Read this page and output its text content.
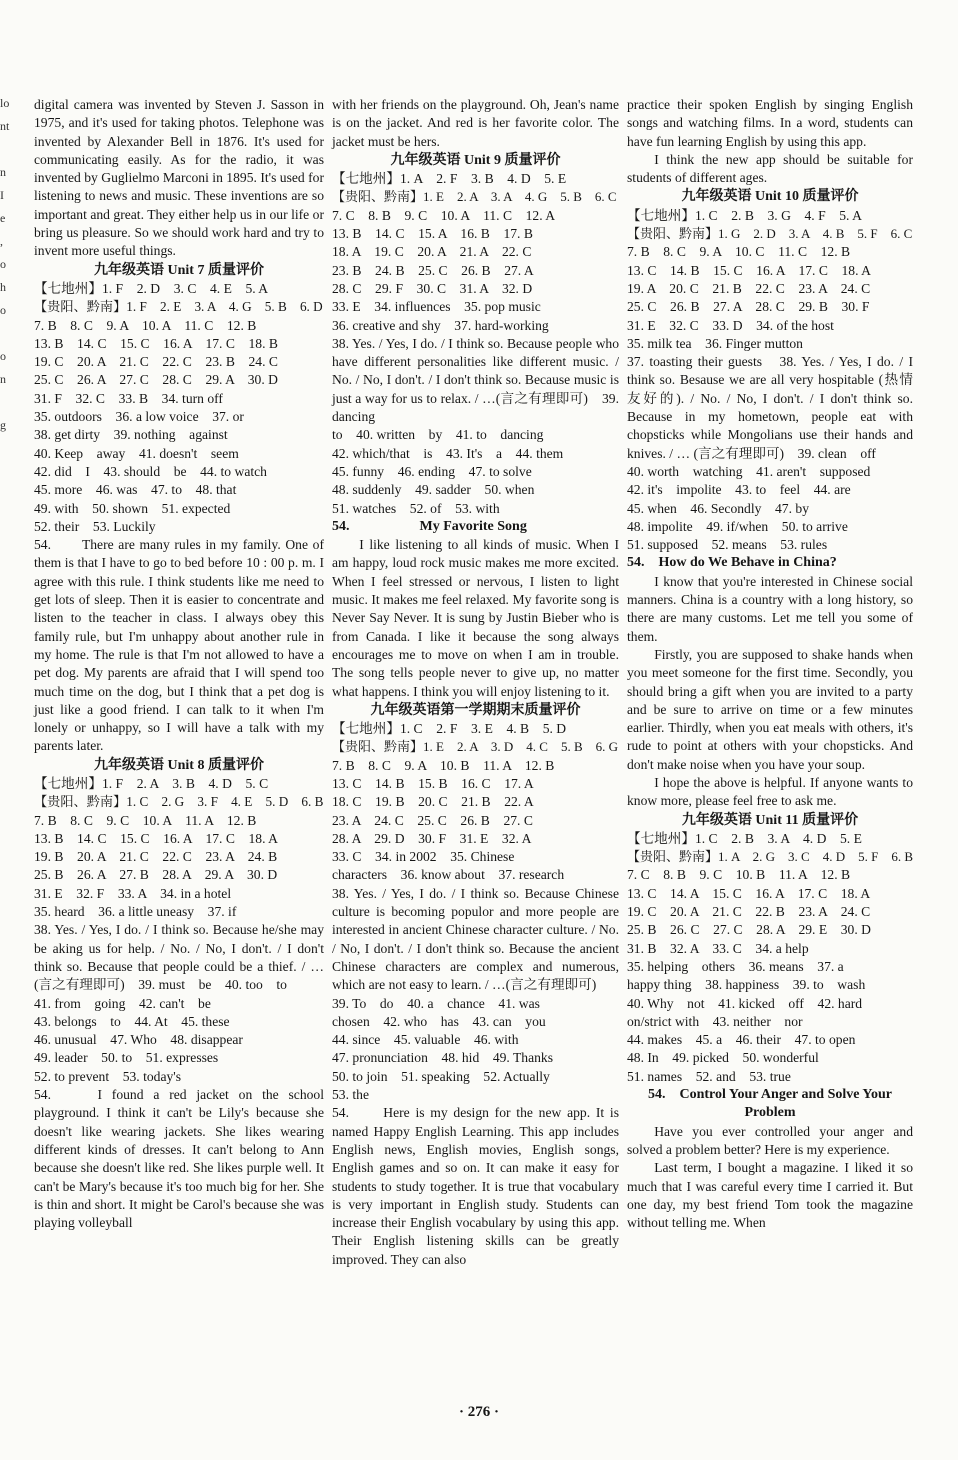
lo
nt
n
I
e
,
o
h
o
o
n
g
digital camera was invented by Steven J. Sasson in 1975, and it's used for taking photos. Telephone was invented by Alexander Bell in 1876. It's used for communicating easily. As for the radio, it was invented by Guglielmo Marconi in 1895. It's used for listening to news and music. These inventions are so important and great. They either help us in our life or bring us pleasure. So we should work hard and try to invent more useful things.
九年级英语 Unit 7 质量评价
【七地州】1. F　2. D　3. C　4. E　5. A
【贵阳、黔南】1. F　2. E　3. A　4. G　5. B　6. D
7. B　8. C　9. A　10. A　11. C　12. B
13. B　14. C　15. C　16. A　17. C　18. B
19. C　20. A　21. C　22. C　23. B　24. C
25. C　26. A　27. C　28. C　29. A　30. D
31. F　32. C　33. B　34. turn off
35. outdoors　36. a low voice　37. or
38. get dirty　39. nothing　against
40. Keep　away　41. doesn't　seem
42. did　I　43. should　be　44. to watch
45. more　46. was　47. to　48. that
49. with　50. shown　51. expected
52. their　53. Luckily
54.　　There are many rules in my family. One of them is that I have to go to bed before 10 : 00 p. m. I agree with this rule. I think students like me need to get lots of sleep. Then it is easier to concentrate and listen to the teacher in class. I always obey this family rule, but I'm unhappy about another rule in my home. The rule is that I'm not allowed to have a pet dog. My parents are afraid that I will spend too much time on the dog, but I think that a pet dog is just like a good friend. I can talk to it when I'm lonely or unhappy, so I will have a talk with my parents later.
九年级英语 Unit 8 质量评价
【七地州】1. F　2. A　3. B　4. D　5. C
【贵阳、黔南】1. C　2. G　3. F　4. E　5. D　6. B
7. B　8. C　9. C　10. A　11. A　12. B
13. B　14. C　15. C　16. A　17. C　18. A
19. B　20. A　21. C　22. C　23. A　24. B
25. B　26. A　27. B　28. A　29. A　30. D
31. E　32. F　33. A　34. in a hotel
35. heard　36. a little uneasy　37. if
38. Yes. / Yes, I do. / I think so. Because he/she may be aking us for help. / No. / No, I don't. / I don't think so. Because that people could be a thief. / …(言之有理即可)　39. must　be　40. too　to
41. from　going　42. can't　be
43. belongs　to　44. At　45. these
46. unusual　47. Who　48. disappear
49. leader　50. to　51. expresses
52. to prevent　53. today's
54.　　I found a red jacket on the school playground. I think it can't be Lily's because she doesn't like wearing jackets. She likes wearing different kinds of dresses. It can't belong to Ann because she doesn't like red. She likes purple well. It can't be Mary's because it's too much big for her. She is thin and short. It might be Carol's because she was playing volleyball
with her friends on the playground. Oh, Jean's name is on the jacket. And red is her favorite color. The jacket must be hers.
九年级英语 Unit 9 质量评价
【七地州】1. A　2. F　3. B　4. D　5. E
【贵阳、黔南】1. E　2. A　3. A　4. G　5. B　6. C
7. C　8. B　9. C　10. A　11. C　12. A
13. B　14. C　15. A　16. B　17. B
18. A　19. C　20. A　21. A　22. C
23. B　24. B　25. C　26. B　27. A
28. C　29. F　30. C　31. A　32. D
33. E　34. influences　35. pop music
36. creative and shy　37. hard-working
38. Yes. / Yes, I do. / I think so. Because people who have different personalities like different music. / No. / No, I don't. / I don't think so. Because music is just a way for us to relax. / …(言之有理即可)　39. dancing
to　40. written　by　41. to　dancing
42. which/that　is　43. It's　a　44. them
45. funny　46. ending　47. to solve
48. suddenly　49. sadder　50. when
51. watches　52. of　53. with
54.　　　　　My Favorite Song
I like listening to all kinds of music. When I am happy, loud rock music makes me more excited. When I feel stressed or nervous, I listen to light music. It makes me feel relaxed. My favorite song is Never Say Never. It is sung by Justin Bieber who is from Canada. I like it because the song always encourages me to move on when I am in trouble. The song tells people never to give up, no matter what happens. I think you will enjoy listening to it.
九年级英语第一学期期末质量评价
【七地州】1. C　2. F　3. E　4. B　5. D
【贵阳、黔南】1. E　2. A　3. D　4. C　5. B　6. G
7. B　8. C　9. A　10. B　11. A　12. B
13. C　14. B　15. B　16. C　17. A
18. C　19. B　20. C　21. B　22. A
23. A　24. C　25. C　26. B　27. C
28. A　29. D　30. F　31. E　32. A
33. C　34. in 2002　35. Chinese
characters　36. know about　37. research
38. Yes. / Yes, I do. / I think so. Because Chinese culture is becoming populor and more people are interested in ancient Chinese character culture. / No. / No, I don't. / I don't think so. Because the ancient Chinese characters are complex and numerous, which are not easy to learn. / …(言之有理即可)
39. To　do　40. a　chance　41. was
chosen　42. who　has　43. can　you
44. since　45. valuable　46. with
47. pronunciation　48. hid　49. Thanks
50. to join　51. speaking　52. Actually
53. the
54.　　Here is my design for the new app. It is named Happy English Learning. This app includes English news, English movies, English songs, English games and so on. It can make it easy for students to study together. It is true that vocabulary is very important in English study. Students can increase their English vocabulary by using this app. Their English listening skills can be greatly improved. They can also
practice their spoken English by singing English songs and watching films. In a word, students can have fun learning English by using this app.
I think the new app should be suitable for students of different ages.
九年级英语 Unit 10 质量评价
【七地州】1. C　2. B　3. G　4. F　5. A
【贵阳、黔南】1. G　2. D　3. A　4. B　5. F　6. C
7. B　8. C　9. A　10. C　11. C　12. B
13. C　14. B　15. C　16. A　17. C　18. A
19. A　20. C　21. B　22. C　23. A　24. C
25. C　26. B　27. A　28. C　29. B　30. F
31. E　32. C　33. D　34. of the host
35. milk tea　36. Finger mutton
37. toasting their guests　38. Yes. / Yes, I do. / I think so. Besause we are all very hospitable (热情友好的). / No. / No, I don't. / I don't think so. Because in my hometown, people eat with chopsticks while Mongolians use their hands and knives. / … (言之有理即可)　39. clean　off
40. worth　watching　41. aren't　supposed
42. it's　impolite　43. to　feel　44. are
45. when　46. Secondly　47. by
48. impolite　49. if/when　50. to arrive
51. supposed　52. means　53. rules
54.　How do We Behave in China?
I know that you're interested in Chinese social manners. China is a country with a long history, so there are many customs. Let me tell you some of them.
Firstly, you are supposed to shake hands when you meet someone for the first time. Secondly, you should bring a gift when you are invited to a party and be sure to arrive on time or a few minutes earlier. Thirdly, when you eat meals with others, it's rude to point at others with your chopsticks. And don't make noise when you have your soup.
I hope the above is helpful. If anyone wants to know more, please feel free to ask me.
九年级英语 Unit 11 质量评价
【七地州】1. C　2. B　3. A　4. D　5. E
【贵阳、黔南】1. A　2. G　3. C　4. D　5. F　6. B
7. C　8. B　9. C　10. B　11. A　12. B
13. C　14. A　15. C　16. A　17. C　18. A
19. C　20. A　21. C　22. B　23. A　24. C
25. B　26. C　27. C　28. A　29. E　30. D
31. B　32. A　33. C　34. a help
35. helping　others　36. means　37. a
happy thing　38. happiness　39. to　wash
40. Why　not　41. kicked　off　42. hard
on/strict with　43. neither　nor
44. makes　45. a　46. their　47. to open
48. In　49. picked　50. wonderful
51. names　52. and　53. true
54.　Control Your Anger and Solve Your Problem
Have you ever controlled your anger and solved a problem better? Here is my experience.
Last term, I bought a magazine. I liked it so much that I was careful every time I carried it. But one day, my best friend Tom took the magazine without telling me. When
· 276 ·
